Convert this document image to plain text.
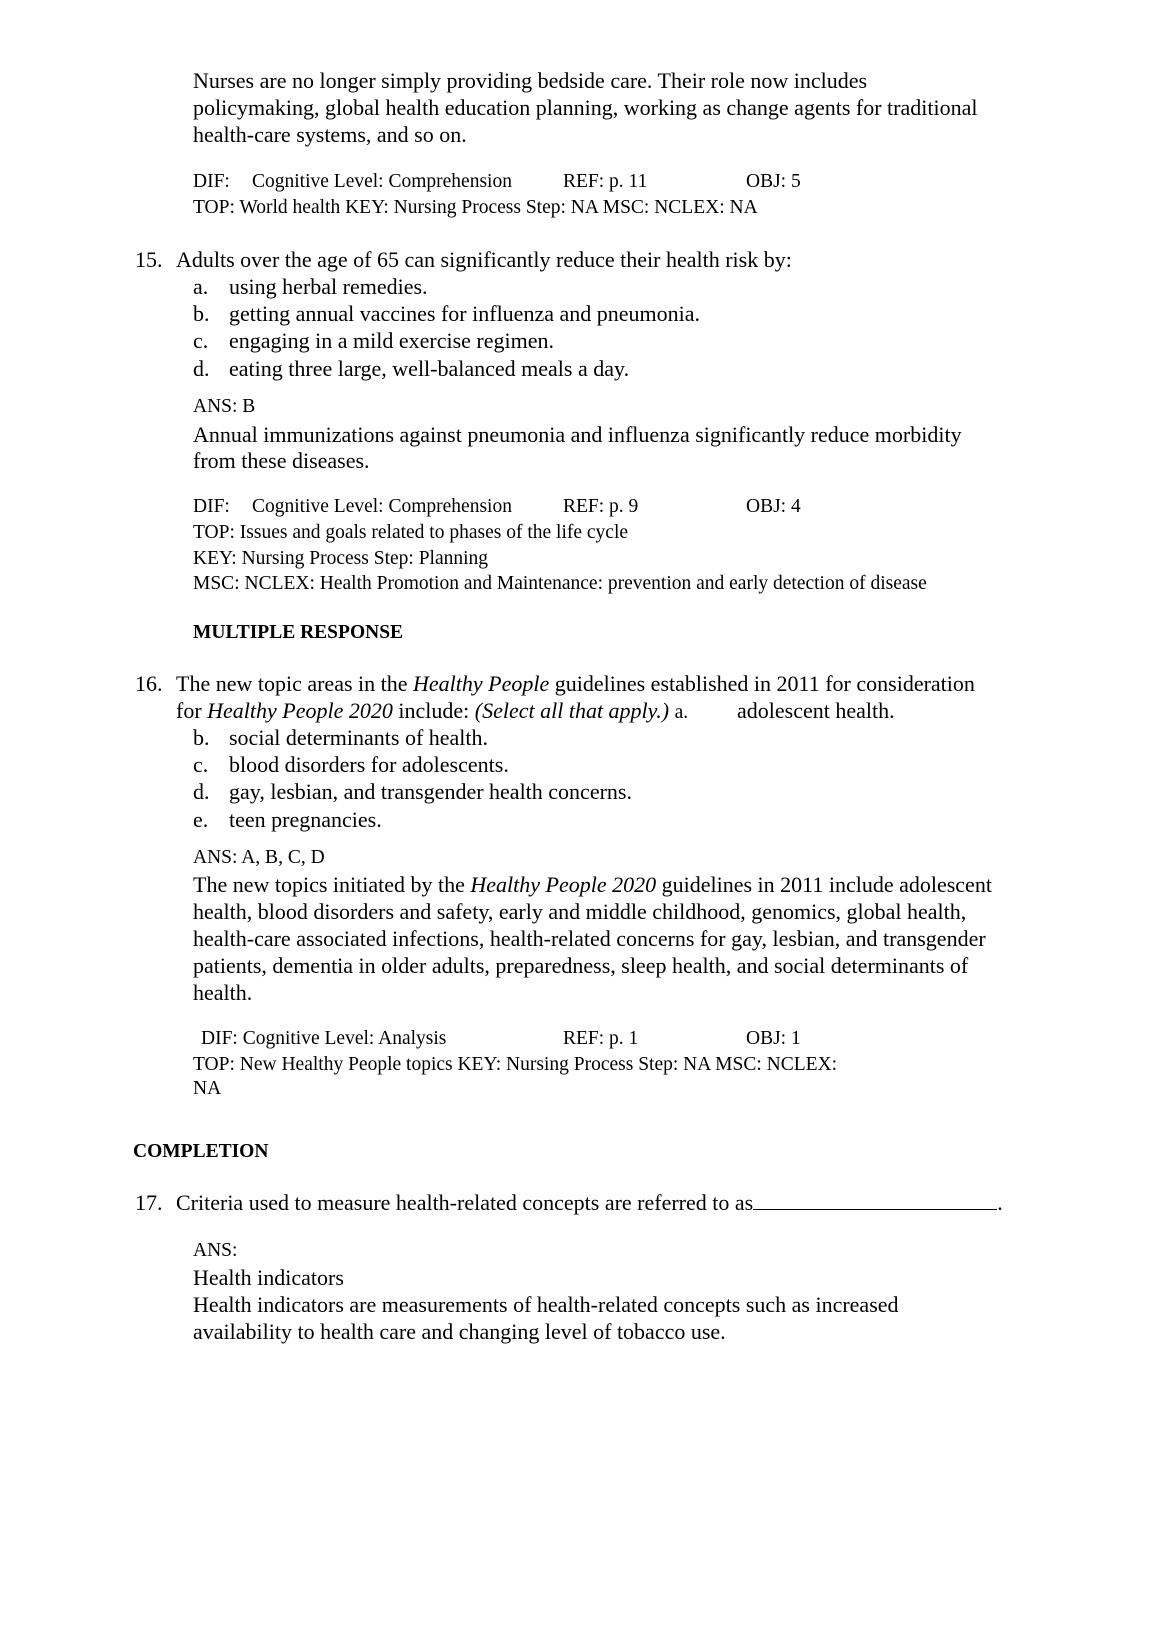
Nurses are no longer simply providing bedside care. Their role now includes
policymaking, global health education planning, working as change agents for traditional
health-care systems, and so on.
DIF: Cognitive Level: Comprehension	REF: p. 11	OBJ: 5
TOP: World health KEY: Nursing Process Step: NA MSC: NCLEX: NA
15. Adults over the age of 65 can significantly reduce their health risk by:
a. using herbal remedies.
b. getting annual vaccines for influenza and pneumonia.
c. engaging in a mild exercise regimen.
d. eating three large, well-balanced meals a day.
ANS: B
Annual immunizations against pneumonia and influenza significantly reduce morbidity
from these diseases.
DIF: Cognitive Level: Comprehension	REF: p. 9	OBJ: 4
TOP: Issues and goals related to phases of the life cycle
KEY: Nursing Process Step: Planning
MSC: NCLEX: Health Promotion and Maintenance: prevention and early detection of disease
MULTIPLE RESPONSE
16. The new topic areas in the Healthy People guidelines established in 2011 for consideration
for Healthy People 2020 include: (Select all that apply.) a. adolescent health.
b. social determinants of health.
c. blood disorders for adolescents.
d. gay, lesbian, and transgender health concerns.
e. teen pregnancies.
ANS: A, B, C, D
The new topics initiated by the Healthy People 2020 guidelines in 2011 include adolescent
health, blood disorders and safety, early and middle childhood, genomics, global health,
health-care associated infections, health-related concerns for gay, lesbian, and transgender
patients, dementia in older adults, preparedness, sleep health, and social determinants of
health.
DIF: Cognitive Level: Analysis	REF: p. 1	OBJ: 1
TOP: New Healthy People topics KEY: Nursing Process Step: NA MSC: NCLEX:
NA
COMPLETION
17. Criteria used to measure health-related concepts are referred to as	.
ANS:
Health indicators
Health indicators are measurements of health-related concepts such as increased
availability to health care and changing level of tobacco use.
